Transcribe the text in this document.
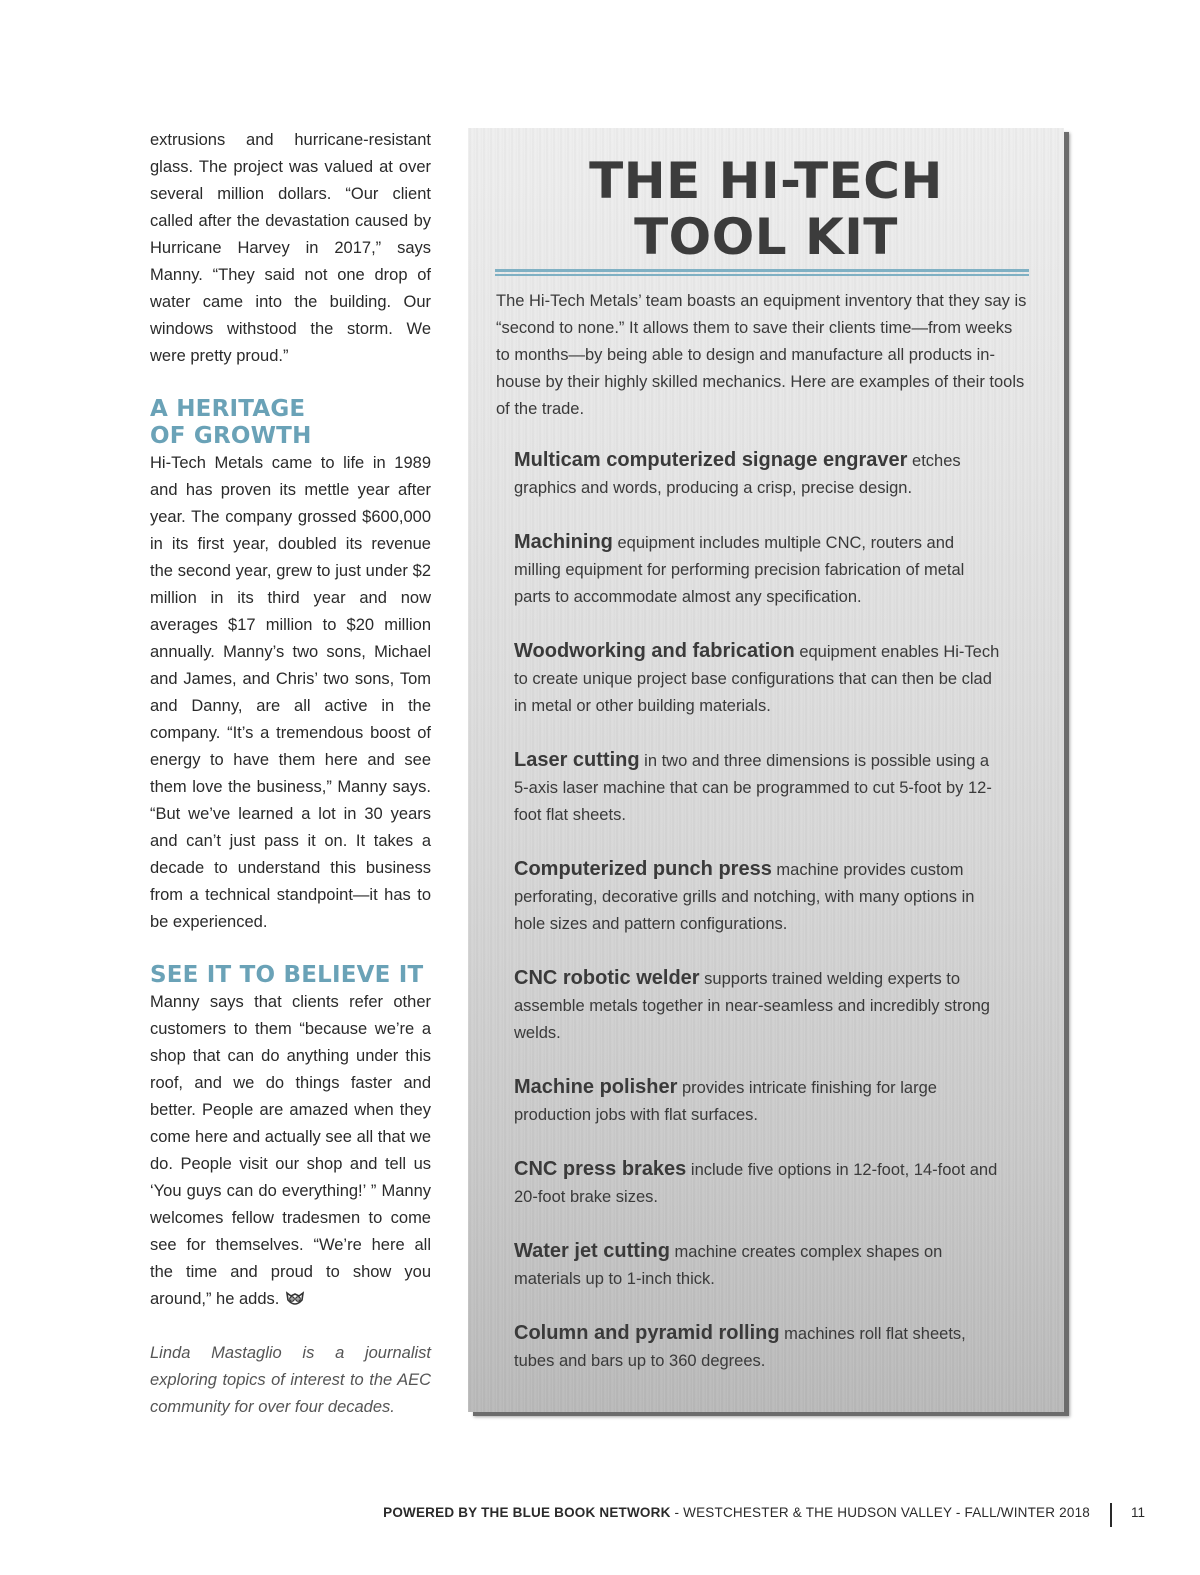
extrusions and hurricane-resistant glass. The project was valued at over several million dollars. “Our client called after the devastation caused by Hurricane Harvey in 2017,” says Manny. “They said not one drop of water came into the building. Our windows withstood the storm. We were pretty proud.”

A HERITAGE
OF GROWTH

Hi-Tech Metals came to life in 1989 and has proven its mettle year after year. The company grossed $600,000 in its first year, doubled its revenue the second year, grew to just under $2 million in its third year and now averages $17 million to $20 million annually. Manny’s two sons, Michael and James, and Chris’ two sons, Tom and Danny, are all active in the company. “It’s a tremendous boost of energy to have them here and see them love the business,” Manny says. “But we’ve learned a lot in 30 years and can’t just pass it on. It takes a decade to understand this business from a technical standpoint—it has to be experienced.

SEE IT TO BELIEVE IT

Manny says that clients refer other customers to them “because we’re a shop that can do anything under this roof, and we do things faster and better. People are amazed when they come here and actually see all that we do. People visit our shop and tell us ‘You guys can do everything!’ ” Manny welcomes fellow tradesmen to come see for themselves. “We’re here all the time and proud to show you around,” he adds.

Linda Mastaglio is a journalist exploring topics of interest to the AEC community for over four decades.

THE HI-TECH
TOOL KIT

The Hi-Tech Metals’ team boasts an equipment inventory that they say is “second to none.” It allows them to save their clients time—from weeks to months—by being able to design and manufacture all products in-house by their highly skilled mechanics. Here are examples of their tools of the trade.

Multicam computerized signage engraver etches graphics and words, producing a crisp, precise design.

Machining equipment includes multiple CNC, routers and milling equipment for performing precision fabrication of metal parts to accommodate almost any specification.

Woodworking and fabrication equipment enables Hi-Tech to create unique project base configurations that can then be clad in metal or other building materials.

Laser cutting in two and three dimensions is possible using a 5-axis laser machine that can be programmed to cut 5-foot by 12-foot flat sheets.

Computerized punch press machine provides custom perforating, decorative grills and notching, with many options in hole sizes and pattern configurations.

CNC robotic welder supports trained welding experts to assemble metals together in near-seamless and incredibly strong welds.

Machine polisher provides intricate finishing for large production jobs with flat surfaces.

CNC press brakes include five options in 12-foot, 14-foot and 20-foot brake sizes.

Water jet cutting machine creates complex shapes on materials up to 1-inch thick.

Column and pyramid rolling machines roll flat sheets, tubes and bars up to 360 degrees.

POWERED BY THE BLUE BOOK NETWORK - WESTCHESTER & THE HUDSON VALLEY - FALL/WINTER 2018	11
